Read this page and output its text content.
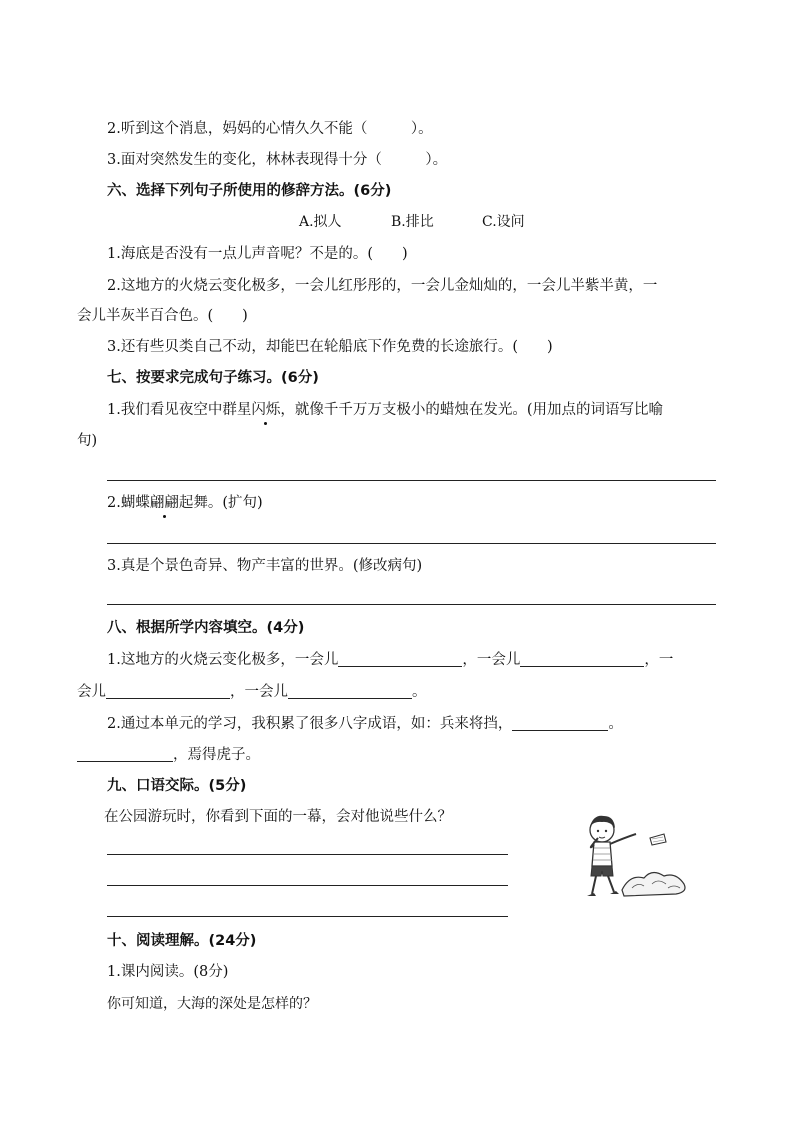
2.听到这个消息，妈妈的心情久久不能（　　　）。
3.面对突然发生的变化，林林表现得十分（　　　）。
六、选择下列句子所使用的修辞方法。(6分)
A.拟人	B.排比	C.设问
1.海底是否没有一点儿声音呢？不是的。(　　)
2.这地方的火烧云变化极多，一会儿红彤彤的，一会儿金灿灿的，一会儿半紫半黄，一
会儿半灰半百合色。(　　)
3.还有些贝类自己不动，却能巴在轮船底下作免费的长途旅行。(　　)
七、按要求完成句子练习。(6分)
1.我们看见夜空中群星闪烁，就像千千万万支极小的蜡烛在发光。(用加点的词语写比喻
句)
2.蝴蝶翩翩起舞。(扩句)
3.真是个景色奇异、物产丰富的世界。(修改病句)
八、根据所学内容填空。(4分)
1.这地方的火烧云变化极多，一会儿	，一会儿	，一
会儿	，一会儿	。
2.通过本单元的学习，我积累了很多八字成语，如：兵来将挡，	。
，焉得虎子。
九、口语交际。(5分)
在公园游玩时，你看到下面的一幕，会对他说些什么？
十、阅读理解。(24分)
1.课内阅读。(8分)
你可知道，大海的深处是怎样的？
